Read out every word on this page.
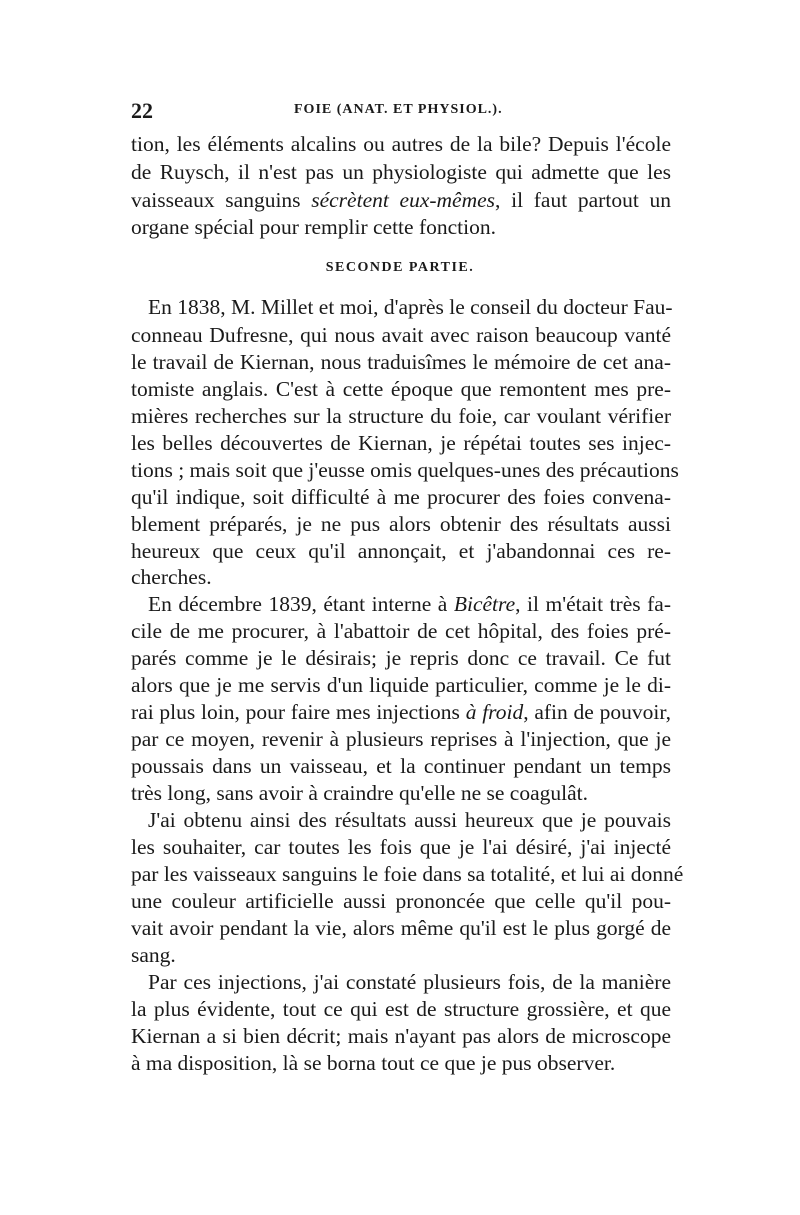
22	FOIE (ANAT. ET PHYSIOL.).
tion, les éléments alcalins ou autres de la bile? Depuis l'école
de Ruysch, il n'est pas un physiologiste qui admette que les
vaisseaux sanguins sécrètent eux-mêmes, il faut partout un
organe spécial pour remplir cette fonction.
SECONDE PARTIE.
En 1838, M. Millet et moi, d'après le conseil du docteur Fau-
conneau Dufresne, qui nous avait avec raison beaucoup vanté
le travail de Kiernan, nous traduisîmes le mémoire de cet ana-
tomiste anglais. C'est à cette époque que remontent mes pre-
mières recherches sur la structure du foie, car voulant vérifier
les belles découvertes de Kiernan, je répétai toutes ses injec-
tions ; mais soit que j'eusse omis quelques-unes des précautions
qu'il indique, soit difficulté à me procurer des foies convena-
blement préparés, je ne pus alors obtenir des résultats aussi
heureux que ceux qu'il annonçait, et j'abandonnai ces re-
cherches.
En décembre 1839, étant interne à Bicêtre, il m'était très fa-
cile de me procurer, à l'abattoir de cet hôpital, des foies pré-
parés comme je le désirais; je repris donc ce travail. Ce fut
alors que je me servis d'un liquide particulier, comme je le di-
rai plus loin, pour faire mes injections à froid, afin de pouvoir,
par ce moyen, revenir à plusieurs reprises à l'injection, que je
poussais dans un vaisseau, et la continuer pendant un temps
très long, sans avoir à craindre qu'elle ne se coagulât.
J'ai obtenu ainsi des résultats aussi heureux que je pouvais
les souhaiter, car toutes les fois que je l'ai désiré, j'ai injecté
par les vaisseaux sanguins le foie dans sa totalité, et lui ai donné
une couleur artificielle aussi prononcée que celle qu'il pou-
vait avoir pendant la vie, alors même qu'il est le plus gorgé de
sang.
Par ces injections, j'ai constaté plusieurs fois, de la manière
la plus évidente, tout ce qui est de structure grossière, et que
Kiernan a si bien décrit; mais n'ayant pas alors de microscope
à ma disposition, là se borna tout ce que je pus observer.
